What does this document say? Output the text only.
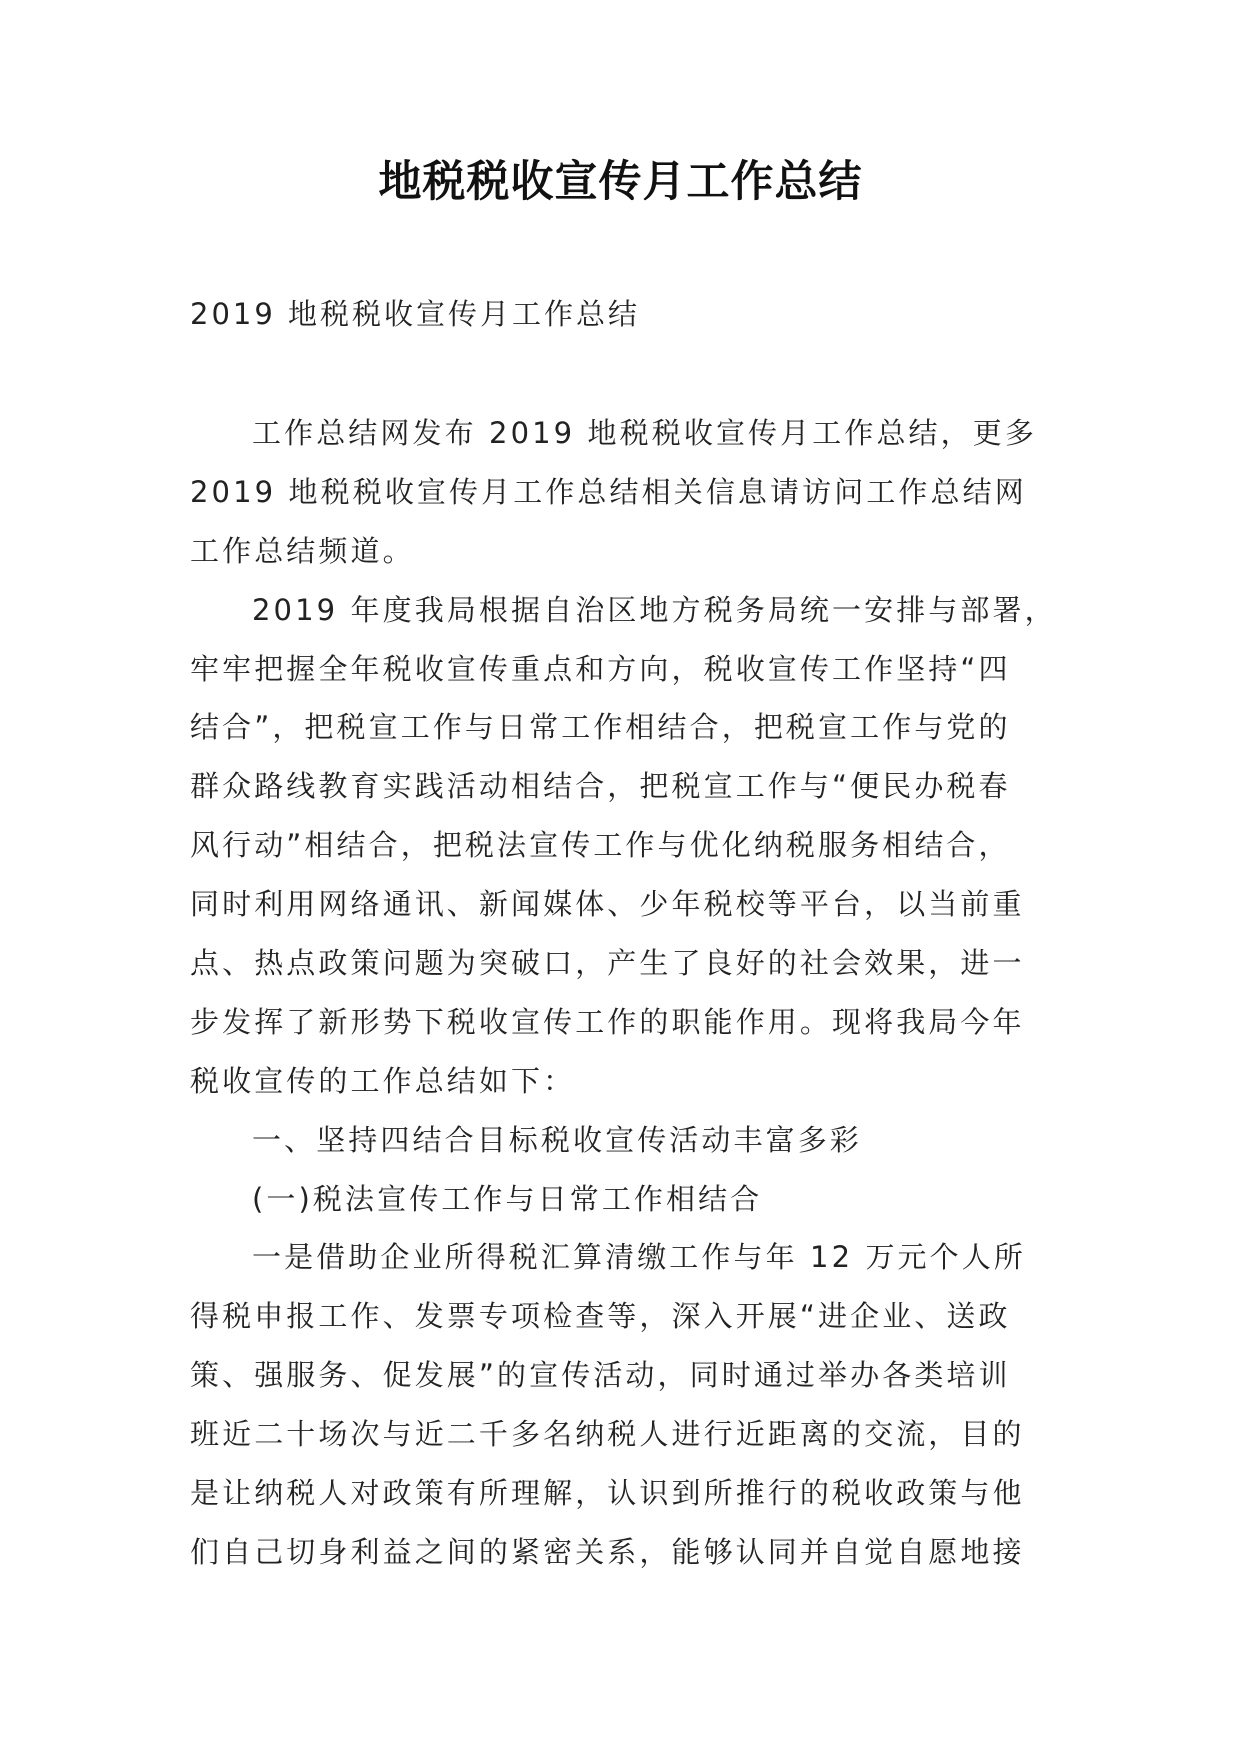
地税税收宣传月工作总结
2019 地税税收宣传月工作总结
工作总结网发布 2019 地税税收宣传月工作总结，更多
2019 地税税收宣传月工作总结相关信息请访问工作总结网
工作总结频道。
2019 年度我局根据自治区地方税务局统一安排与部署，
牢牢把握全年税收宣传重点和方向，税收宣传工作坚持“四
结合”，把税宣工作与日常工作相结合，把税宣工作与党的
群众路线教育实践活动相结合，把税宣工作与“便民办税春
风行动”相结合，把税法宣传工作与优化纳税服务相结合，
同时利用网络通讯、新闻媒体、少年税校等平台，以当前重
点、热点政策问题为突破口，产生了良好的社会效果，进一
步发挥了新形势下税收宣传工作的职能作用。现将我局今年
税收宣传的工作总结如下：
一、坚持四结合目标税收宣传活动丰富多彩
(一)税法宣传工作与日常工作相结合
一是借助企业所得税汇算清缴工作与年 12 万元个人所
得税申报工作、发票专项检查等，深入开展“进企业、送政
策、强服务、促发展”的宣传活动，同时通过举办各类培训
班近二十场次与近二千多名纳税人进行近距离的交流，目的
是让纳税人对政策有所理解，认识到所推行的税收政策与他
们自己切身利益之间的紧密关系，能够认同并自觉自愿地接
